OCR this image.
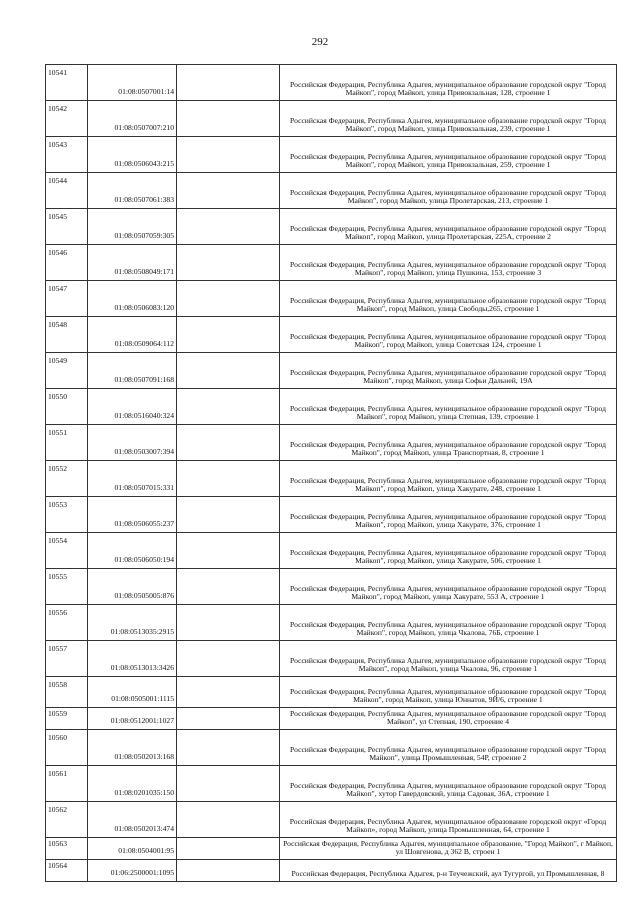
292
10541	01:08:0507001:14		Российская Федерация, Республика Адыгея, муниципальное образование городской округ "Город Майкоп", город Майкоп, улица Привокзальная, 128, строение 1
10542	01:08:0507007:210		Российская Федерация, Республика Адыгея, муниципальное образование городской округ "Город Майкоп", город Майкоп, улица Привокзальная, 239, строение 1
10543	01:08:0506043:215		Российская Федерация, Республика Адыгея, муниципальное образование городской округ "Город Майкоп", город Майкоп, улица Привокзальная, 259, строение 1
10544	01:08:0507061:383		Российская Федерация, Республика Адыгея, муниципальное образование городской округ "Город Майкоп", город Майкоп, улица Пролетарская, 213, строение 1
10545	01:08:0507059:305		Российская Федерация, Республика Адыгея, муниципальное образование городской округ "Город Майкоп", город Майкоп, улица Пролетарская, 225А, строение 2
10546	01:08:0508049:171		Российская Федерация, Республика Адыгея, муниципальное образование городской округ "Город Майкоп", город Майкоп, улица Пушкина, 153, строение 3
10547	01:08:0506083:120		Российская Федерация, Республика Адыгея, муниципальное образование городской округ "Город Майкоп", город Майкоп, улица Свободы,265, строение 1
10548	01:08:0509064:112		Российская Федерация, Республика Адыгея, муниципальное образование городской округ "Город Майкоп", город Майкоп, улица Советская 124, строение 1
10549	01:08:0507091:168		Российская Федерация, Республика Адыгея, муниципальное образование городской округ "Город Майкоп", город Майкоп, улица Софьи Дальней, 19А
10550	01:08:0516040:324		Российская Федерация, Республика Адыгея, муниципальное образование городской округ "Город Майкоп", город Майкоп, улица Степная, 139, строение 1
10551	01:08:0503007:394		Российская Федерация, Республика Адыгея, муниципальное образование городской округ "Город Майкоп", город Майкоп, улица Транспортная, 8, строение 1
10552	01:08:0507015:331		Российская Федерация, Республика Адыгея, муниципальное образование городской округ "Город Майкоп", город Майкоп, улица Хакурате, 248, строение 1
10553	01:08:0506055:237		Российская Федерация, Республика Адыгея, муниципальное образование городской округ "Город Майкоп", город Майкоп, улица Хакурате, 376, строение 1
10554	01:08:0506050:194		Российская Федерация, Республика Адыгея, муниципальное образование городской округ "Город Майкоп", город Майкоп, улица Хакурате, 506, строение 1
10555	01:08:0505005:876		Российская Федерация, Республика Адыгея, муниципальное образование городской округ "Город Майкоп", город Майкоп, улица Хакурате, 553 А, строение 1
10556	01:08:0513035:2915		Российская Федерация, Республика Адыгея, муниципальное образование городской округ "Город Майкоп", город Майкоп, улица Чкалова, 76Б, строение 1
10557	01:08:0513013:3426		Российская Федерация, Республика Адыгея, муниципальное образование городской округ "Город Майкоп", город Майкоп, улица Чкалова, 96, строение 1
10558	01:08:0505001:1115		Российская Федерация, Республика Адыгея, муниципальное образование городской округ "Город Майкоп", город Майкоп, улица Юннатов, 9Й/6, строение 1
10559	01:08:0512001:1027		Российская Федерация, Республика Адыгея, муниципальное образование городской округ "Город Майкоп", ул Степная, 190, строение 4
10560	01:08:0502013:168		Российская Федерация, Республика Адыгея, муниципальное образование городской округ "Город Майкоп", улица Промышленная, 54Р, строение 2
10561	01:08:0201035:150		Российская Федерация, Республика Адыгея, муниципальное образование городской округ "Город Майкоп", хутор Гавердовский, улица Садовая, 36А, строение 1
10562	01:08:0502013:474		Российская Федерация, Республика Адыгея, муниципальное образование городской округ «Город Майкоп», город Майкоп, улица Промышленная, 64, строение 1
10563	01:08:0504001:95		Российская Федерация, Республика Адыгея, муниципальное образование, "Город Майкоп", г Майкоп, ул Шовгенова, д 362 В, строен 1
10564	01:06:2500001:1095		Российская Федерация, Республика Адыгея, р-н Теучежский, аул Тугургой, ул Промышленная, 8
